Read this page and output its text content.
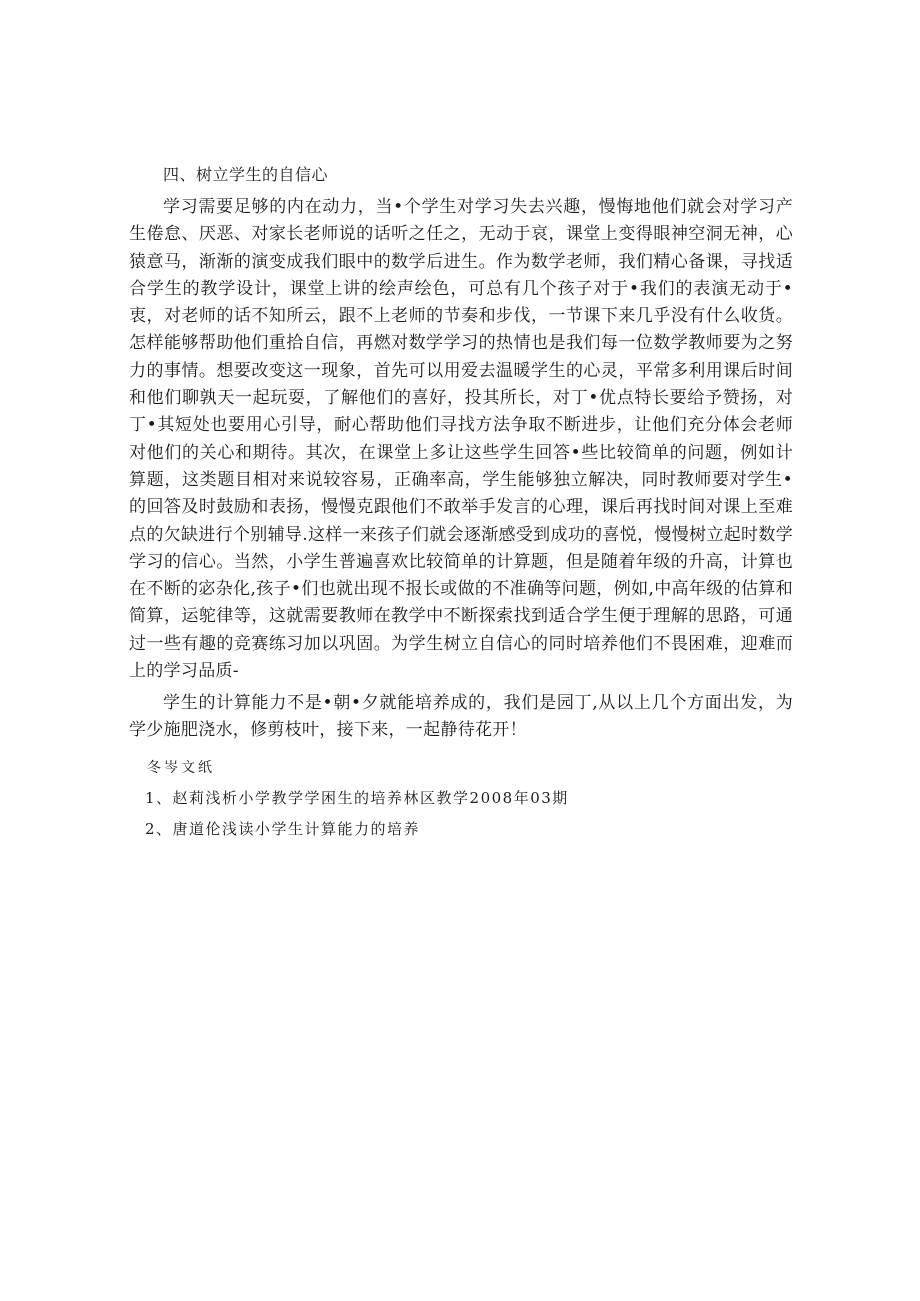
四、树立学生的自信心

学习需要足够的内在动力，当•个学生对学习失去兴趣，慢悔地他们就会对学习产生倦怠、厌恶、对家长老师说的话听之任之，无动于哀，课堂上变得眼神空洞无神，心猿意马，渐渐的演变成我们眼中的数学后进生。作为数学老师，我们精心备课，寻找适合学生的教学设计，课堂上讲的绘声绘色，可总有几个孩子对于•我们的表演无动于•衷，对老师的话不知所云，跟不上老师的节奏和步伐，一节课下来几乎没有什么收货。怎样能够帮助他们重拾自信，再燃对数学学习的热情也是我们每一位数学教师要为之努力的事情。想要改变这一现象，首先可以用爱去温暖学生的心灵，平常多利用课后时间和他们聊孰天一起玩耍，了解他们的喜好，投其所长，对丁•优点特长要给予赞扬，对丁•其短处也要用心引导，耐心帮助他们寻找方法争取不断进步，让他们充分体会老师对他们的关心和期待。其次，在课堂上多让这些学生回答•些比较简单的问题，例如计算题，这类题目相对来说较容易，正确率高，学生能够独立解决，同时教师要对学生•的回答及时鼓励和表扬，慢慢克跟他们不敢举手发言的心理，课后再找时间对课上至难点的欠缺进行个别辅导.这样一来孩子们就会逐渐感受到成功的喜悦，慢慢树立起时数学学习的信心。当然，小学生普遍喜欢比较简单的计算题，但是随着年级的升高，计算也在不断的宓杂化,孩子•们也就出现不报长或做的不准确等问题，例如,中高年级的估算和简算，运鸵律等，这就需要教师在教学中不断探索找到适合学生便于理解的思路，可通过一些有趣的竞赛练习加以巩固。为学生树立自信心的同时培养他们不畏困难，迎难而上的学习品质-

学生的计算能力不是•朝•夕就能培养成的，我们是园丁,从以上几个方面出发，为学少施肥浇水，修剪枝叶，接下来，一起静待花开！

冬岑文纸
1、赵莉浅析小学教学学困生的培养林区教学2008年03期
2、唐道伦浅读小学生计算能力的培养
